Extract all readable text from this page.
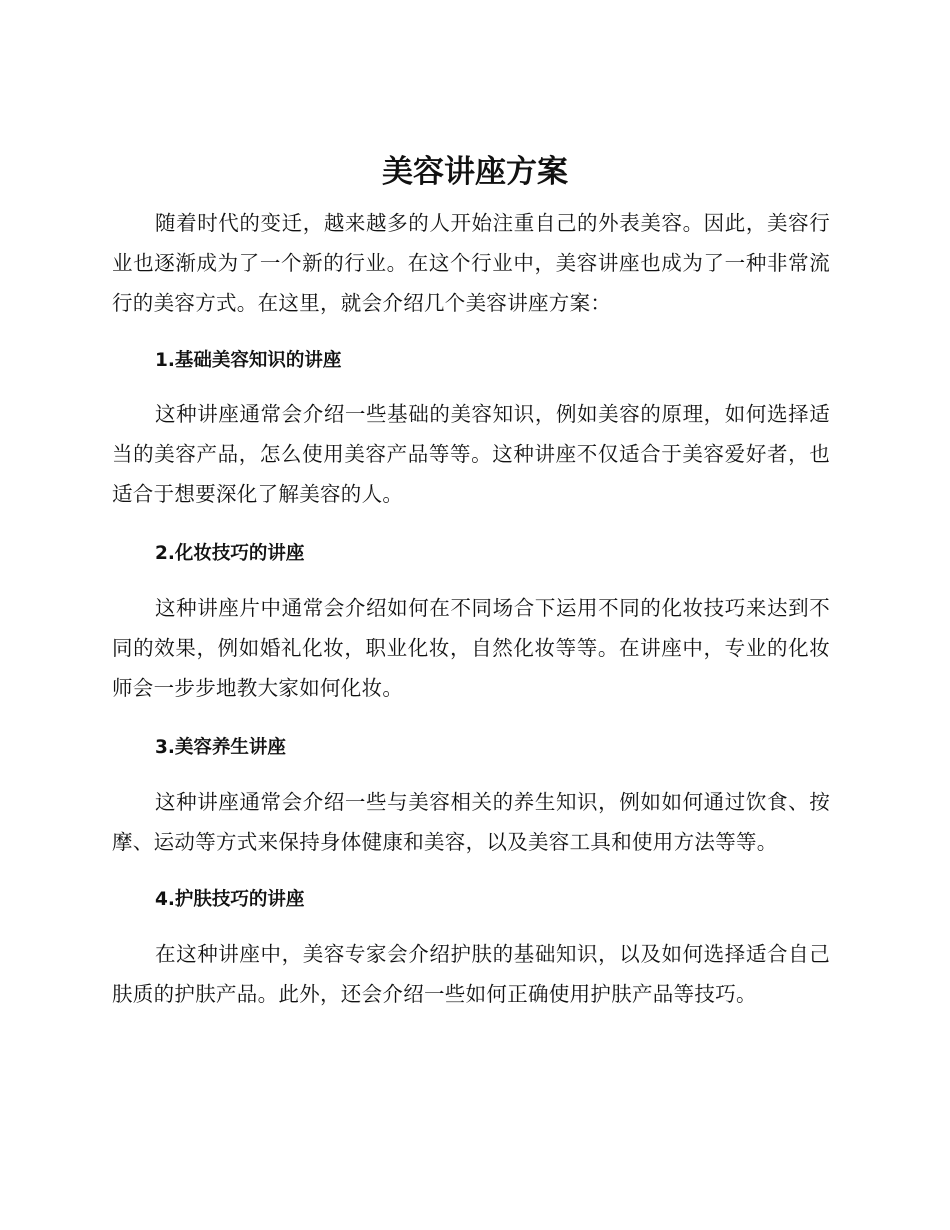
美容讲座方案

随着时代的变迁，越来越多的人开始注重自己的外表美容。因此，美容行业也逐渐成为了一个新的行业。在这个行业中，美容讲座也成为了一种非常流行的美容方式。在这里，就会介绍几个美容讲座方案：

1.基础美容知识的讲座

这种讲座通常会介绍一些基础的美容知识，例如美容的原理，如何选择适当的美容产品，怎么使用美容产品等等。这种讲座不仅适合于美容爱好者，也适合于想要深化了解美容的人。

2.化妆技巧的讲座

这种讲座片中通常会介绍如何在不同场合下运用不同的化妆技巧来达到不同的效果，例如婚礼化妆，职业化妆，自然化妆等等。在讲座中，专业的化妆师会一步步地教大家如何化妆。

3.美容养生讲座

这种讲座通常会介绍一些与美容相关的养生知识，例如如何通过饮食、按摩、运动等方式来保持身体健康和美容，以及美容工具和使用方法等等。

4.护肤技巧的讲座

在这种讲座中，美容专家会介绍护肤的基础知识，以及如何选择适合自己肤质的护肤产品。此外，还会介绍一些如何正确使用护肤产品等技巧。
